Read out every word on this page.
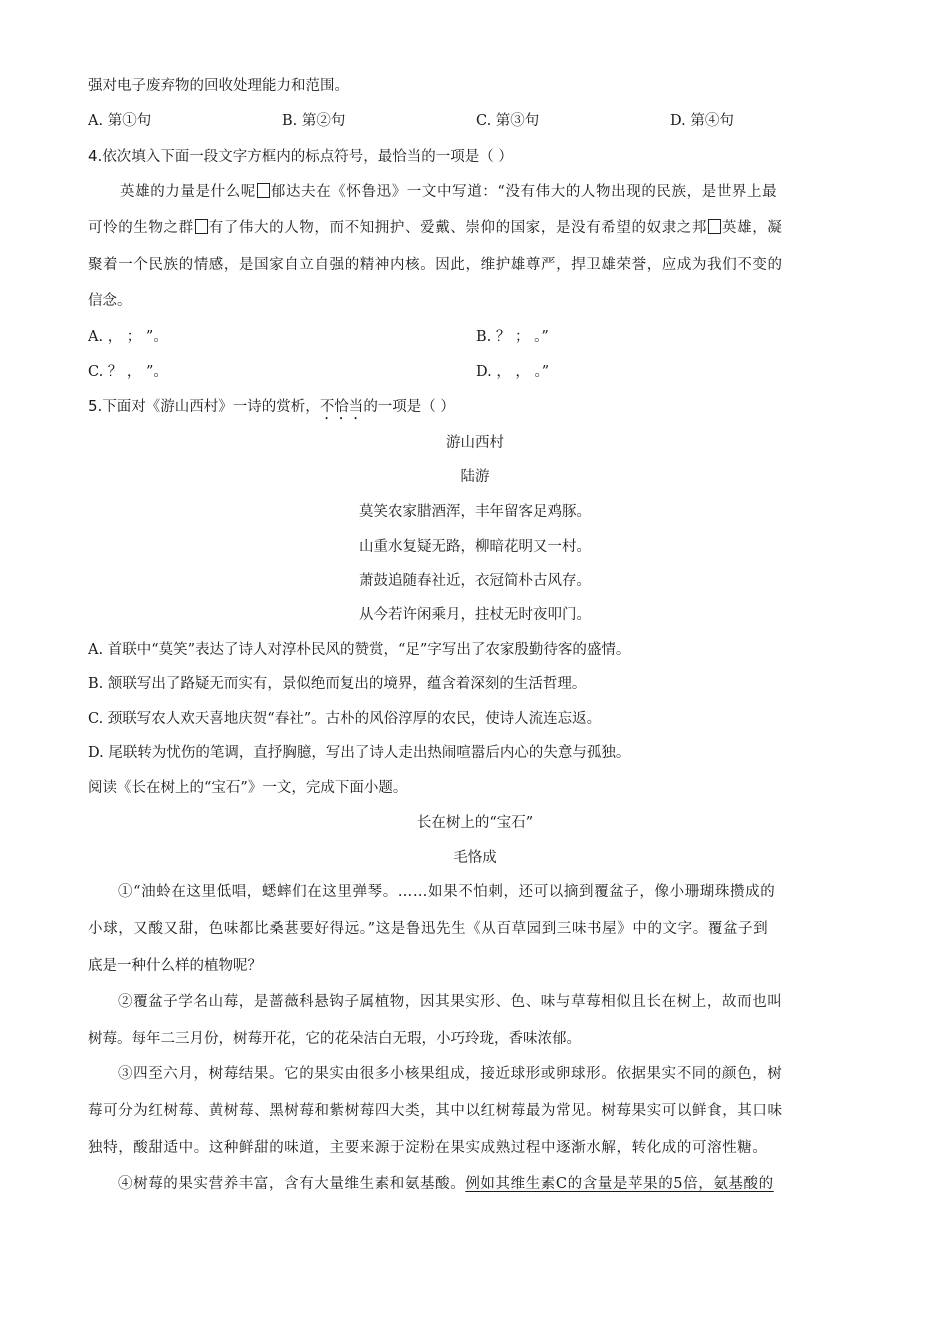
强对电子废弃物的回收处理能力和范围。
A. 第①句	B. 第②句	C. 第③句	D. 第④句
4.依次填入下面一段文字方框内的标点符号，最恰当的一项是（ ）
英雄的力量是什么呢 郁达夫在《怀鲁迅》一文中写道：“没有伟大的人物出现的民族，是世界上最
可怜的生物之群 有了伟大的人物，而不知拥护、爱戴、崇仰的国家，是没有希望的奴隶之邦 英雄，凝
聚着一个民族的情感，是国家自立自强的精神内核。因此，维护雄尊严，捍卫雄荣誉，应成为我们不变的
信念。
A. ， ； ”。	B. ？ ； 。”
C. ？ ， ”。	D. ， ， 。”
5.下面对《游山西村》一诗的赏析，不恰当的一项是（ ）
游山西村
陆游
莫笑农家腊酒浑，丰年留客足鸡豚。
山重水复疑无路，柳暗花明又一村。
萧鼓追随春社近，衣冠简朴古风存。
从今若许闲乘月，拄杖无时夜叩门。
A. 首联中“莫笑”表达了诗人对淳朴民风的赞赏，“足”字写出了农家殷勤待客的盛情。
B. 颔联写出了路疑无而实有，景似绝而复出的境界，蕴含着深刻的生活哲理。
C. 颈联写农人欢天喜地庆贺“春社”。古朴的风俗淳厚的农民，使诗人流连忘返。
D. 尾联转为忧伤的笔调，直抒胸臆，写出了诗人走出热闹喧嚣后内心的失意与孤独。
阅读《长在树上的“宝石”》一文，完成下面小题。
长在树上的“宝石”
毛恪成
①“油蛉在这里低唱，蟋蟀们在这里弹琴。……如果不怕刺，还可以摘到覆盆子，像小珊瑚珠攒成的
小球，又酸又甜，色味都比桑葚要好得远。”这是鲁迅先生《从百草园到三味书屋》中的文字。覆盆子到
底是一种什么样的植物呢？
②覆盆子学名山莓，是蔷薇科悬钩子属植物，因其果实形、色、味与草莓相似且长在树上，故而也叫
树莓。每年二三月份，树莓开花，它的花朵洁白无瑕，小巧玲珑，香味浓郁。
③四至六月，树莓结果。它的果实由很多小核果组成，接近球形或卵球形。依据果实不同的颜色，树
莓可分为红树莓、黄树莓、黑树莓和紫树莓四大类，其中以红树莓最为常见。树莓果实可以鲜食，其口味
独特，酸甜适中。这种鲜甜的味道，主要来源于淀粉在果实成熟过程中逐渐水解，转化成的可溶性糖。
④树莓的果实营养丰富，含有大量维生素和氨基酸。例如其维生素C的含量是苹果的5倍，氨基酸的
